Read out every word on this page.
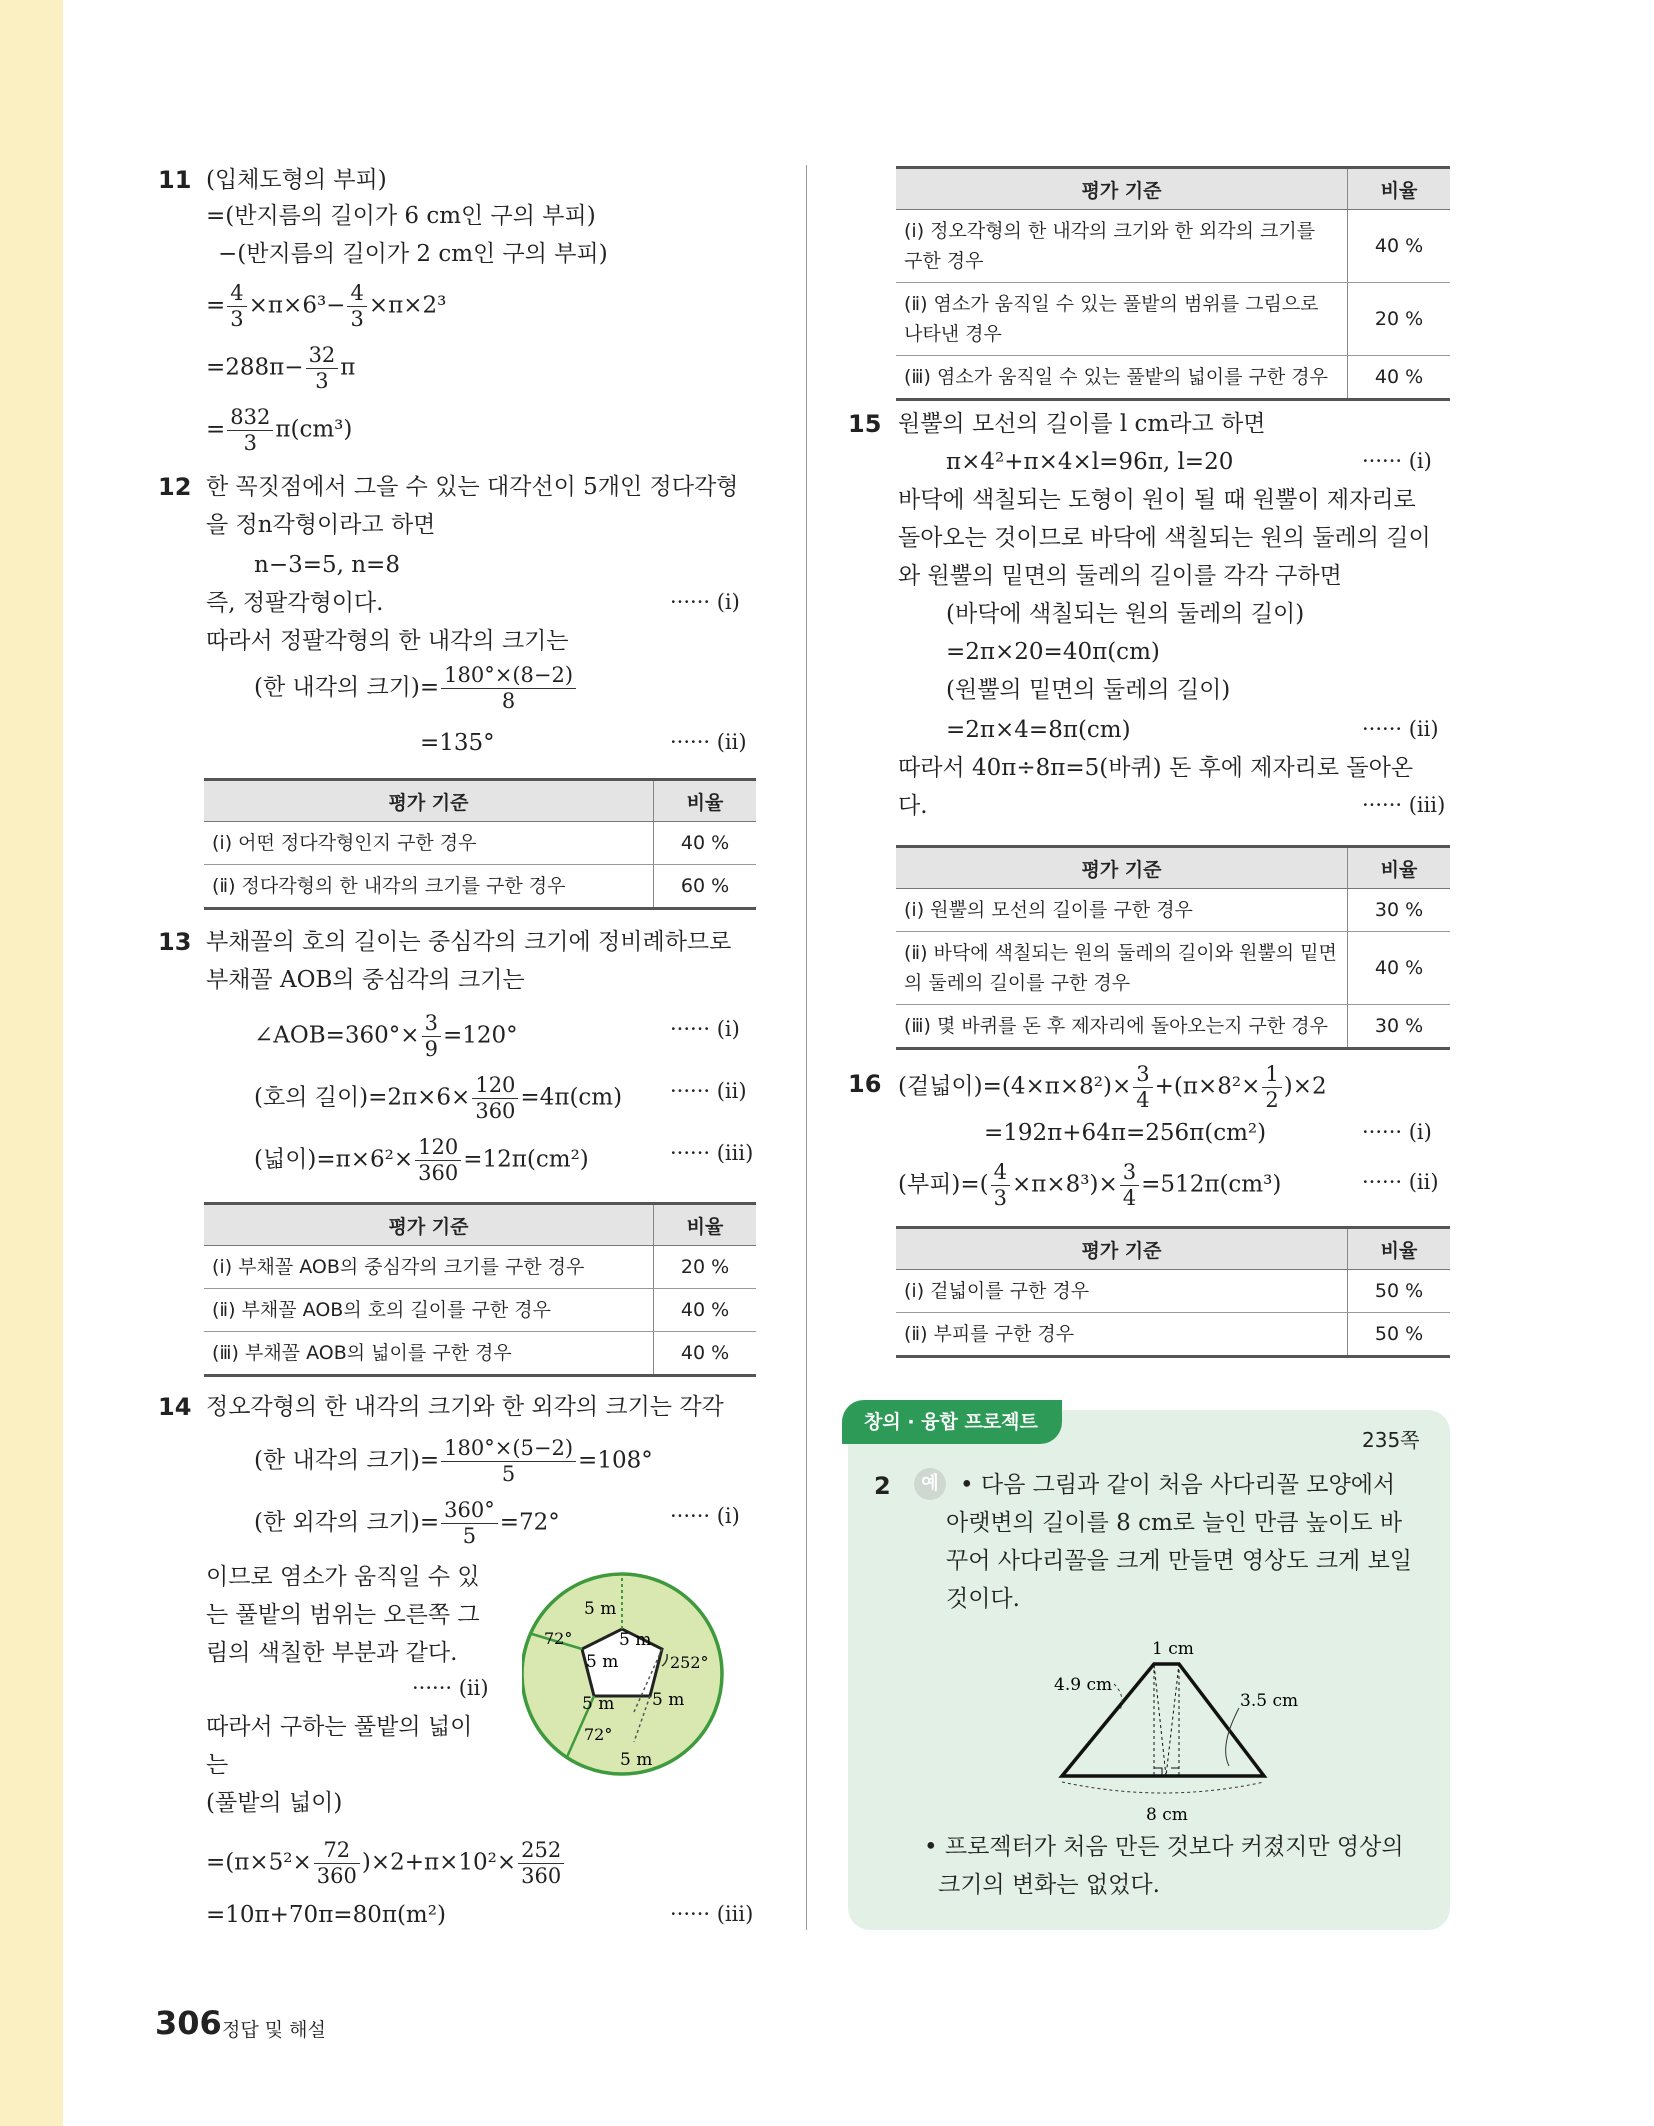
11 (입체도형의 부피)
=(반지름의 길이가 6 cm인 구의 부피)
−(반지름의 길이가 2 cm인 구의 부피)
= $\frac{4}{3} \times\pi\times 6^3- \frac{4}{3} \times\pi\times 2^3$
$=288\pi- \frac{32}{3}$ π
= $\frac{832}{3} \pi(cm^3)$
12 한 꼭짓점에서 그을 수 있는 대각선이 5개인 정다각형
을 정n각형이라고 하면
n−3=5, n=8
즉, 정팔각형이다.	······ (ⅰ)
따라서 정팔각형의 한 내각의 크기는
(한 내각의 크기)= $\frac{180^\circ\times(8-2)}{8}$
=135°	······ (ⅱ)
평가 기준	비율
(ⅰ) 어떤 정다각형인지 구한 경우	40 %
(ⅱ) 정다각형의 한 내각의 크기를 구한 경우	60 %
13 부채꼴의 호의 길이는 중심각의 크기에 정비례하므로
부채꼴 AOB의 중심각의 크기는
∠AOB=360°× $\frac{3}{9} =120^\circ$	······ (ⅰ)
(호의 길이)$=2\pi\times 6\times \frac{120}{360} =4\pi(cm)$ ······ (ⅱ)
(넓이)$=\pi\times 6^2\times \frac{120}{360} =12\pi(cm^2)$	······ (ⅲ)
평가 기준	비율
(ⅰ) 부채꼴 AOB의 중심각의 크기를 구한 경우	20 %
(ⅱ) 부채꼴 AOB의 호의 길이를 구한 경우	40 %
(ⅲ) 부채꼴 AOB의 넓이를 구한 경우	40 %
14 정오각형의 한 내각의 크기와 한 외각의 크기는 각각
(한 내각의 크기)= $\frac{180^\circ\times(5-2)}{5} =108^\circ$
(한 외각의 크기)= $\frac{360^\circ}{5} =72^\circ$	······ (ⅰ)
이므로 염소가 움직일 수 있
는 풀밭의 범위는 오른쪽 그
림의 색칠한 부분과 같다.
······ (ⅱ)
따라서 구하는 풀밭의 넓이
는
(풀밭의 넓이)
$=(\pi\times 5^2\times \frac{72}{360} )\times 2+\pi\times 10^2\times \frac{252}{360}$
=10π+70π=80π(m²)	······ (ⅲ)
5 m
5 m
5 m
5 m 5 m
5 m
72°
72°
252°
평가 기준	비율
(ⅰ) 정오각형의 한 내각의 크기와 한 외각의 크기를 구한 경우	40 %
(ⅱ) 염소가 움직일 수 있는 풀밭의 범위를 그림으로 나타낸 경우	20 %
(ⅲ) 염소가 움직일 수 있는 풀밭의 넓이를 구한 경우	40 %
15 원뿔의 모선의 길이를 l cm라고 하면
π×4²+π×4×l=96π, l=20	······ (ⅰ)
바닥에 색칠되는 도형이 원이 될 때 원뿔이 제자리로
돌아오는 것이므로 바닥에 색칠되는 원의 둘레의 길이
와 원뿔의 밑면의 둘레의 길이를 각각 구하면
(바닥에 색칠되는 원의 둘레의 길이)
=2π×20=40π(cm)
(원뿔의 밑면의 둘레의 길이)
=2π×4=8π(cm)	······ (ⅱ)
따라서 40π÷8π=5(바퀴) 돈 후에 제자리로 돌아온
다.	······ (ⅲ)
평가 기준	비율
(ⅰ) 원뿔의 모선의 길이를 구한 경우	30 %
(ⅱ) 바닥에 색칠되는 원의 둘레의 길이와 원뿔의 밑면의 둘레의 길이를 구한 경우	40 %
(ⅲ) 몇 바퀴를 돈 후 제자리에 돌아오는지 구한 경우	30 %
16 (겉넓이)$=(4\times\pi\times 8^2)\times \frac{3}{4} +(\pi\times 8^2\times \frac{1}{2} )\times 2$
=192π+64π=256π(cm²)	······ (ⅰ)
(부피)=( $\frac{4}{3} \times\pi\times 8^3)\times \frac{3}{4} =512\pi(cm^3)$	······ (ⅱ)
평가 기준	비율
(ⅰ) 겉넓이를 구한 경우	50 %
(ⅱ) 부피를 구한 경우	50 %
창의 · 융합 프로젝트
235쪽
2	예 • 다음 그림과 같이 처음 사다리꼴 모양에서
아랫변의 길이를 8 cm로 늘인 만큼 높이도 바
꾸어 사다리꼴을 크게 만들면 영상도 크게 보일
것이다.
1 cm
4.9 cm
3.5 cm
8 cm
• 프로젝터가 처음 만든 것보다 커졌지만 영상의
크기의 변화는 없었다.
306 정답 및 해설
